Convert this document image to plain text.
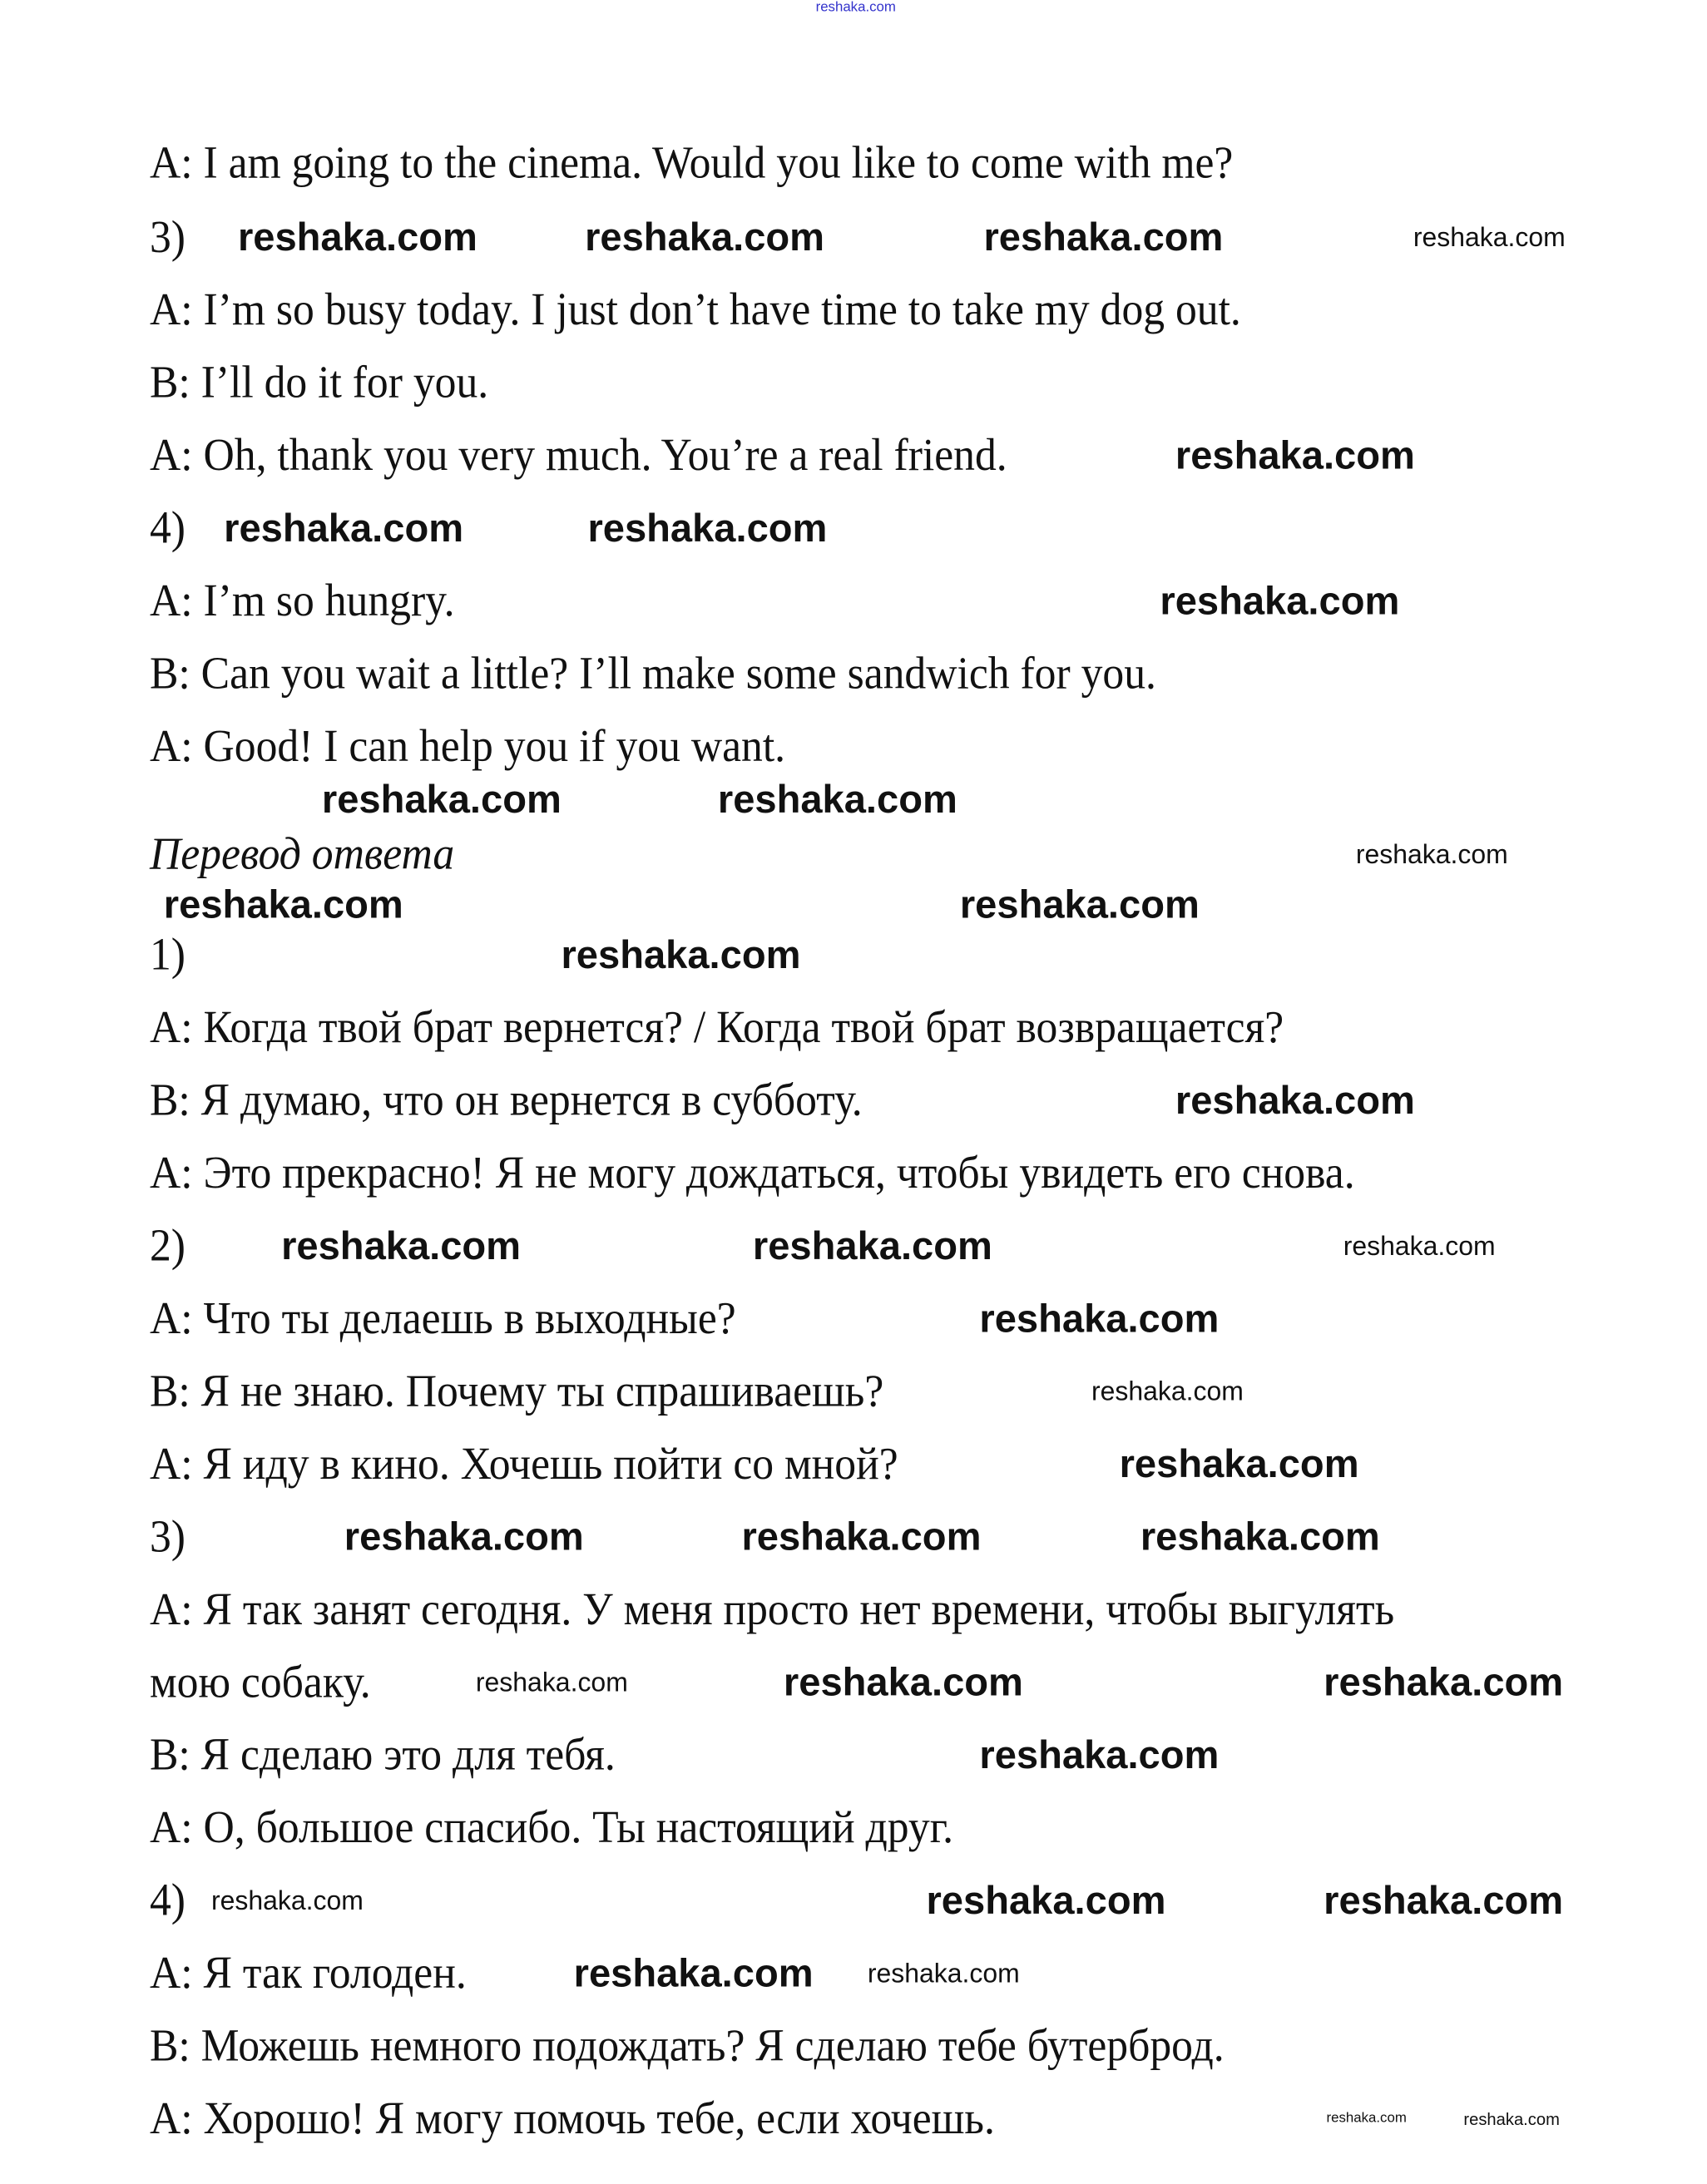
reshaka.com
A: I am going to the cinema. Would you like to come with me?
3)
A: I’m so busy today. I just don’t have time to take my dog out.
B: I’ll do it for you.
A: Oh, thank you very much. You’re a real friend.
4)
A: I’m so hungry.
B: Can you wait a little? I’ll make some sandwich for you.
A: Good! I can help you if you want.
Перевод ответа
1)
A: Когда твой брат вернется? / Когда твой брат возвращается?
B: Я думаю, что он вернется в субботу.
A: Это прекрасно! Я не могу дождаться, чтобы увидеть его снова.
2)
A: Что ты делаешь в выходные?
B: Я не знаю. Почему ты спрашиваешь?
A: Я иду в кино. Хочешь пойти со мной?
3)
A: Я так занят сегодня. У меня просто нет времени, чтобы выгулять
мою собаку.
B: Я сделаю это для тебя.
A: О, большое спасибо. Ты настоящий друг.
4)
A: Я так голоден.
B: Можешь немного подождать? Я сделаю тебе бутерброд.
A: Хорошо! Я могу помочь тебе, если хочешь.
reshaka.com	reshaka.com	reshaka.com	reshaka.com
reshaka.com
reshaka.com	reshaka.com
reshaka.com
reshaka.com	reshaka.com
reshaka.com
reshaka.com	reshaka.com
reshaka.com
reshaka.com
reshaka.com	reshaka.com	reshaka.com
reshaka.com
reshaka.com
reshaka.com
reshaka.com	reshaka.com	reshaka.com
reshaka.com
reshaka.com
reshaka.com	reshaka.com
reshaka.com	reshaka.com
reshaka.com
reshaka.com	reshaka.com
reshaka.com	reshaka.com
